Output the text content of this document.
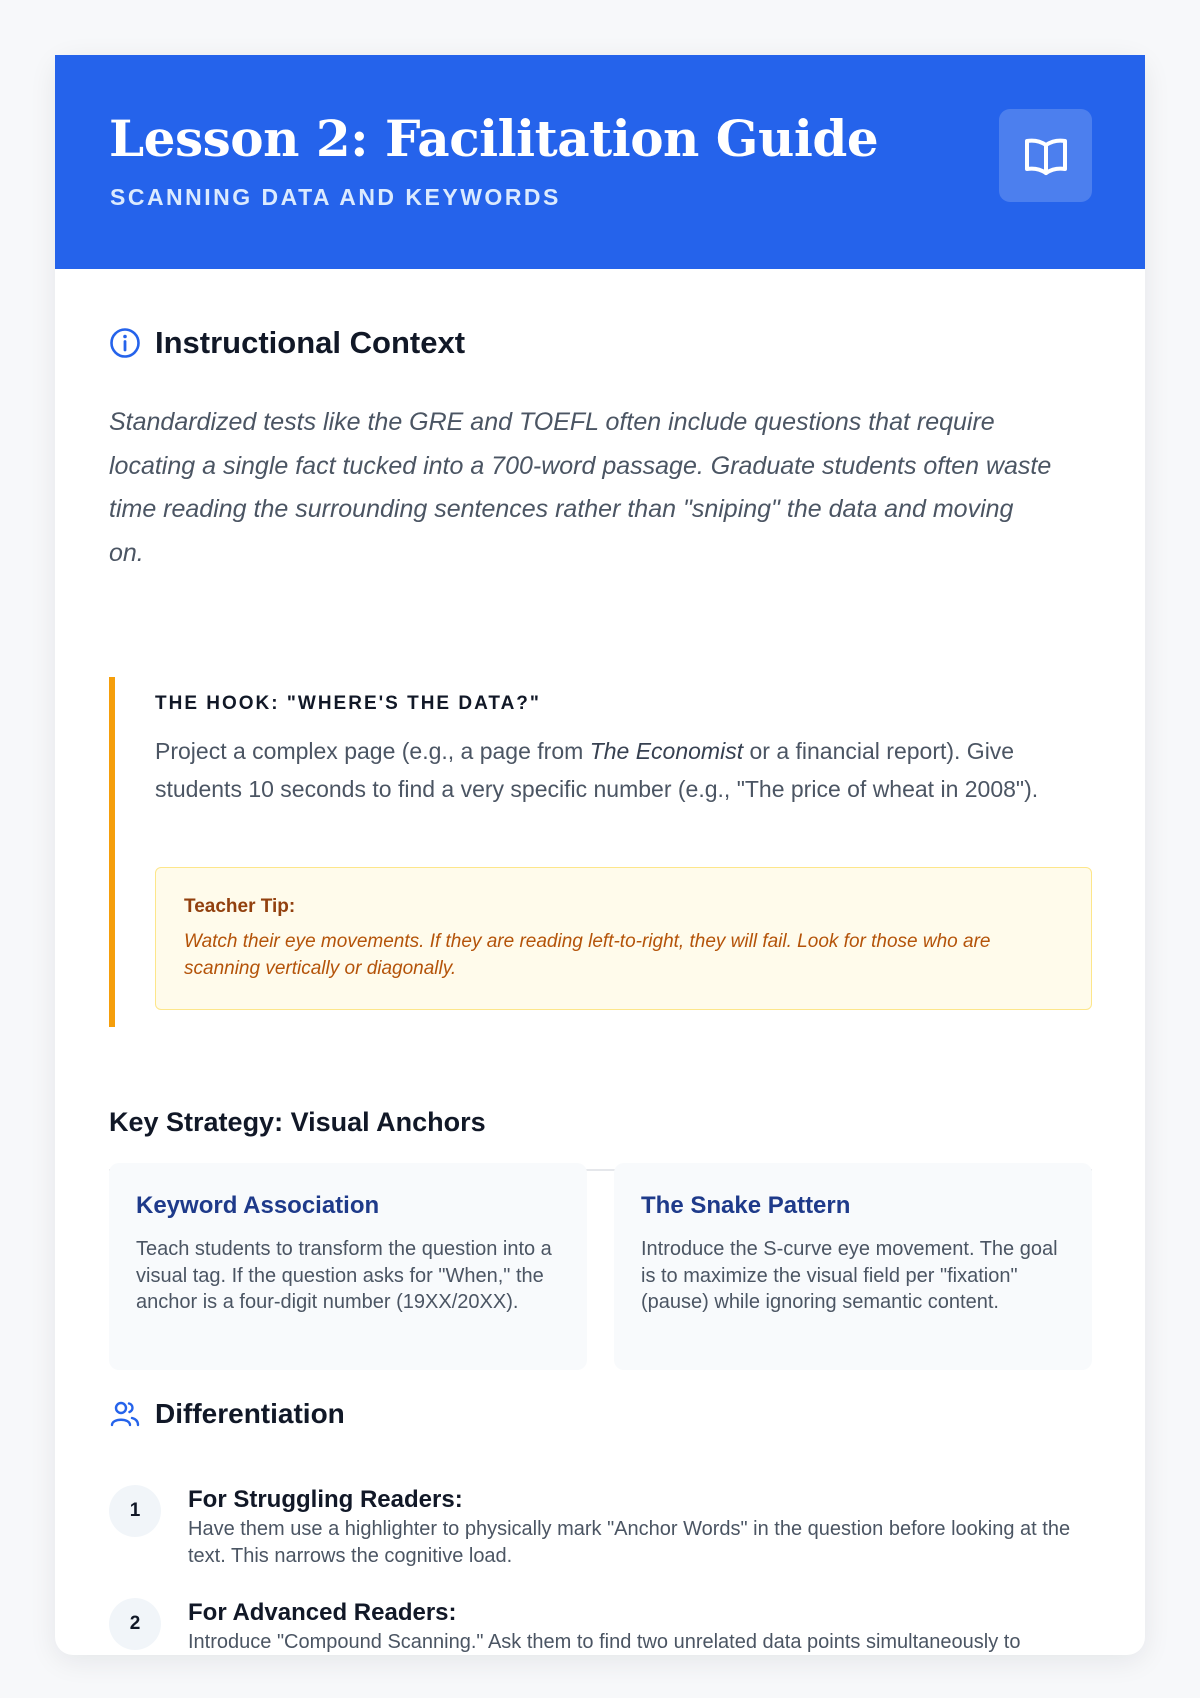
Lesson 2: Facilitation Guide
SCANNING DATA AND KEYWORDS
Instructional Context

Standardized tests like the GRE and TOEFL often include questions that require locating a single fact tucked into a 700-word passage. Graduate students often waste time reading the surrounding sentences rather than "sniping" the data and moving on.

THE HOOK: "WHERE'S THE DATA?"

Project a complex page (e.g., a page from The Economist or a financial report). Give students 10 seconds to find a very specific number (e.g., "The price of wheat in 2008").

Teacher Tip:

Watch their eye movements. If they are reading left-to-right, they will fail. Look for those who are scanning vertically or diagonally.

Key Strategy: Visual Anchors
Keyword Association

Teach students to transform the question into a visual tag. If the question asks for "When," the anchor is a four-digit number (19XX/20XX).

The Snake Pattern

Introduce the S-curve eye movement. The goal is to maximize the visual field per "fixation" (pause) while ignoring semantic content.

Differentiation
1	For Struggling Readers:

Have them use a highlighter to physically mark "Anchor Words" in the question before looking at the text. This narrows the cognitive load.

2	For Advanced Readers:

Introduce "Compound Scanning." Ask them to find two unrelated data points simultaneously to
